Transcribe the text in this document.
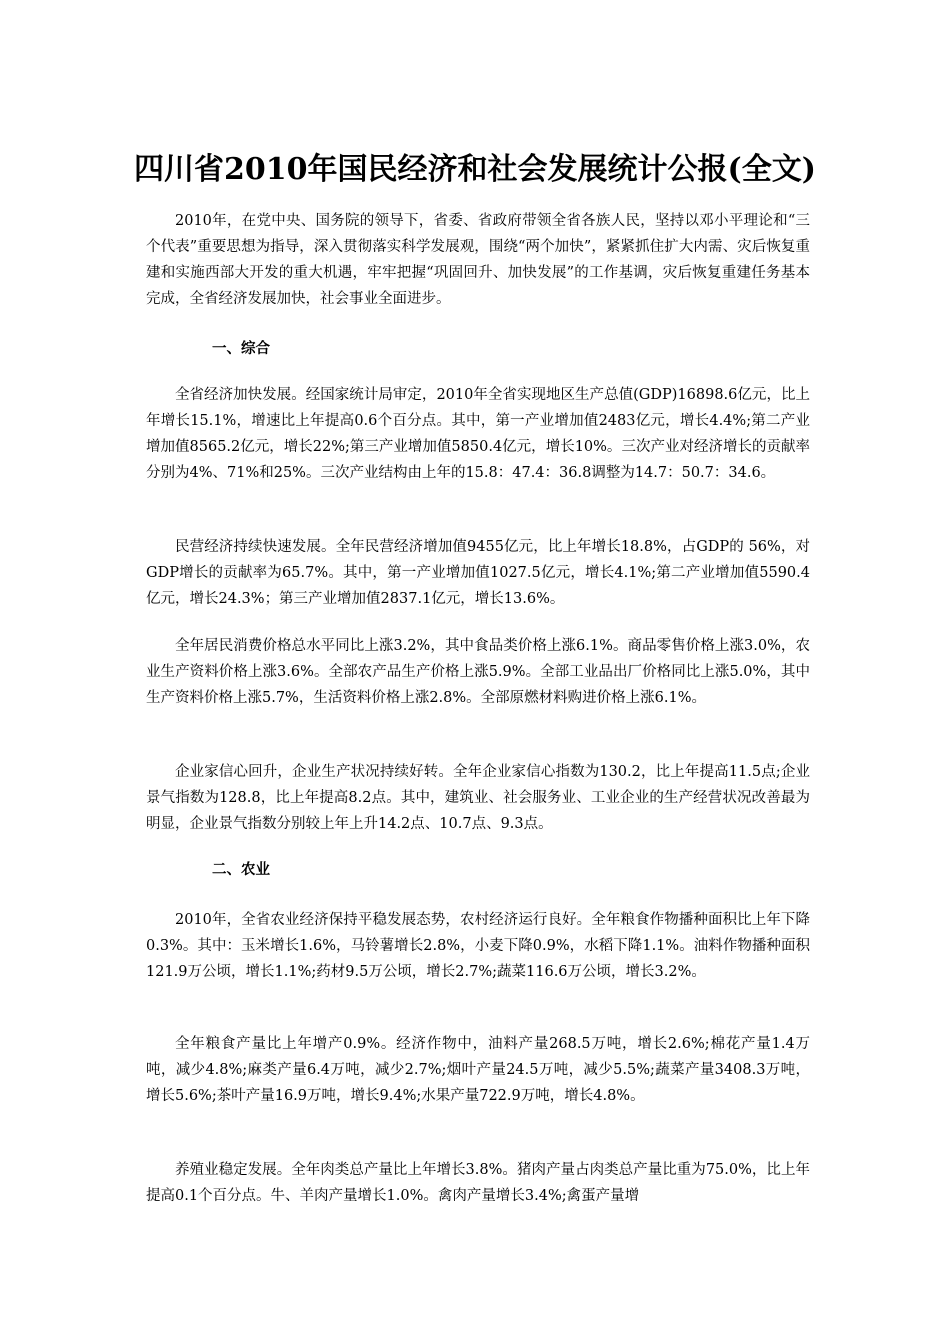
四川省2010年国民经济和社会发展统计公报(全文)
2010年，在党中央、国务院的领导下，省委、省政府带领全省各族人民，坚持以邓小平理论和“三个代表”重要思想为指导，深入贯彻落实科学发展观，围绕“两个加快”，紧紧抓住扩大内需、灾后恢复重建和实施西部大开发的重大机遇，牢牢把握“巩固回升、加快发展”的工作基调，灾后恢复重建任务基本完成，全省经济发展加快，社会事业全面进步。
一、综合
全省经济加快发展。经国家统计局审定，2010年全省实现地区生产总值(GDP)16898.6亿元，比上年增长15.1%，增速比上年提高0.6个百分点。其中，第一产业增加值2483亿元，增长4.4%;第二产业增加值8565.2亿元，增长22%;第三产业增加值5850.4亿元，增长10%。三次产业对经济增长的贡献率分别为4%、71%和25%。三次产业结构由上年的15.8：47.4：36.8调整为14.7：50.7：34.6。
民营经济持续快速发展。全年民营经济增加值9455亿元，比上年增长18.8%，占GDP的 56%，对 GDP增长的贡献率为65.7%。其中，第一产业增加值1027.5亿元，增长4.1%;第二产业增加值5590.4亿元，增长24.3%；第三产业增加值2837.1亿元，增长13.6%。
全年居民消费价格总水平同比上涨3.2%，其中食品类价格上涨6.1%。商品零售价格上涨3.0%，农业生产资料价格上涨3.6%。全部农产品生产价格上涨5.9%。全部工业品出厂价格同比上涨5.0%，其中生产资料价格上涨5.7%，生活资料价格上涨2.8%。全部原燃材料购进价格上涨6.1%。
企业家信心回升，企业生产状况持续好转。全年企业家信心指数为130.2，比上年提高11.5点;企业景气指数为128.8，比上年提高8.2点。其中，建筑业、社会服务业、工业企业的生产经营状况改善最为明显，企业景气指数分别较上年上升14.2点、10.7点、9.3点。
二、农业
2010年，全省农业经济保持平稳发展态势，农村经济运行良好。全年粮食作物播种面积比上年下降0.3%。其中：玉米增长1.6%，马铃薯增长2.8%，小麦下降0.9%，水稻下降1.1%。油料作物播种面积121.9万公顷，增长1.1%;药材9.5万公顷，增长2.7%;蔬菜116.6万公顷，增长3.2%。
全年粮食产量比上年增产0.9%。经济作物中，油料产量268.5万吨，增长2.6%;棉花产量1.4万吨，减少4.8%;麻类产量6.4万吨，减少2.7%;烟叶产量24.5万吨，减少5.5%;蔬菜产量3408.3万吨，增长5.6%;茶叶产量16.9万吨，增长9.4%;水果产量722.9万吨，增长4.8%。
养殖业稳定发展。全年肉类总产量比上年增长3.8%。猪肉产量占肉类总产量比重为75.0%，比上年提高0.1个百分点。牛、羊肉产量增长1.0%。禽肉产量增长3.4%;禽蛋产量增
